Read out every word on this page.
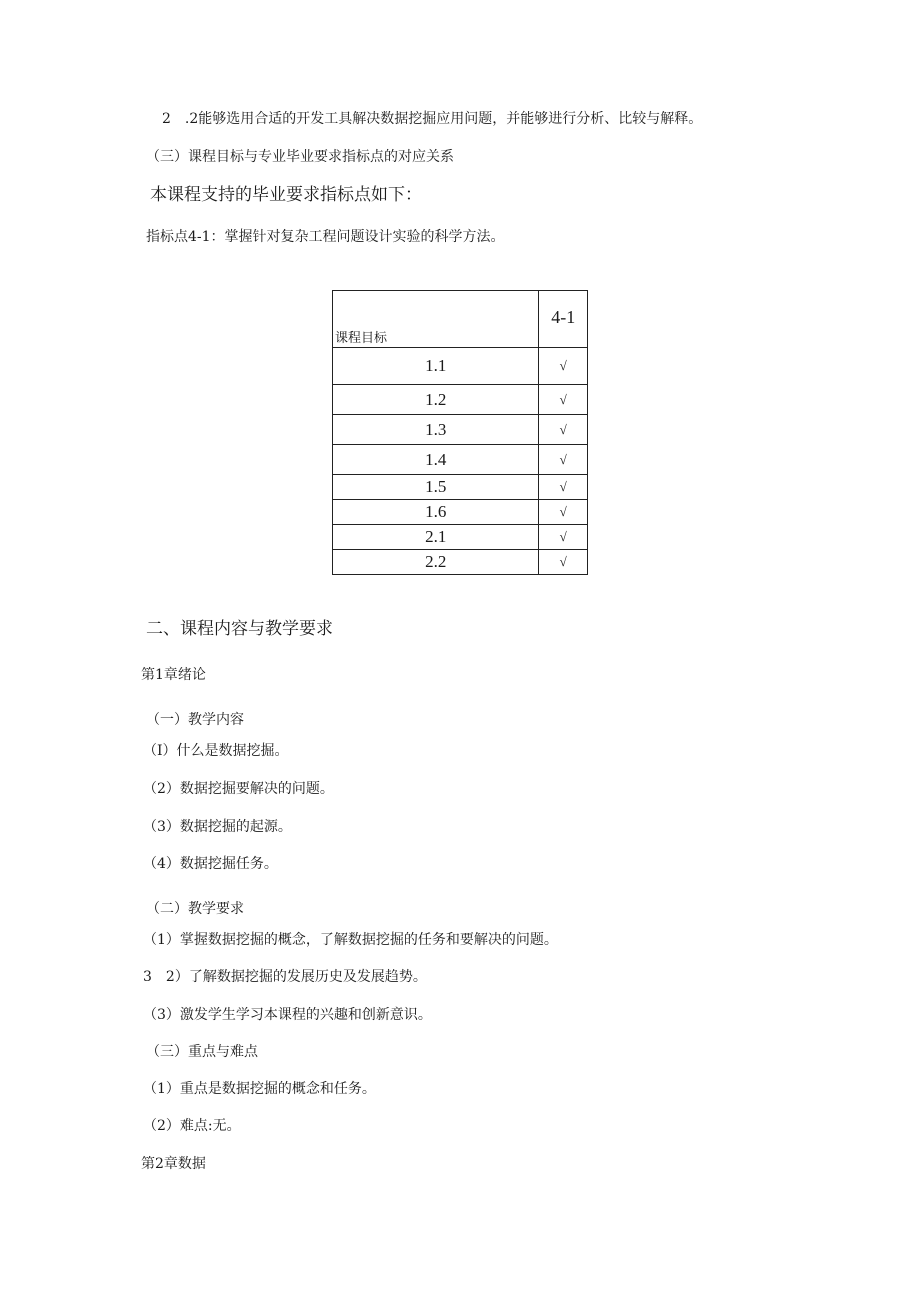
2　.2能够选用合适的开发工具解决数据挖掘应用问题，并能够进行分析、比较与解释。
（三）课程目标与专业毕业要求指标点的对应关系
本课程支持的毕业要求指标点如下：
指标点4-1：掌握针对复杂工程问题设计实验的科学方法。
课程目标	4-1
1.1	√
1.2	√
1.3	√
1.4	√
1.5	√
1.6	√
2.1	√
2.2	√
二、课程内容与教学要求
第1章绪论
（一）教学内容
（I）什么是数据挖掘。
（2）数据挖掘要解决的问题。
（3）数据挖掘的起源。
（4）数据挖掘任务。
（二）教学要求
（1）掌握数据挖掘的概念，了解数据挖掘的任务和要解决的问题。
3　2）了解数据挖掘的发展历史及发展趋势。
（3）激发学生学习本课程的兴趣和创新意识。
（三）重点与难点
（1）重点是数据挖掘的概念和任务。
（2）难点:无。
第2章数据
